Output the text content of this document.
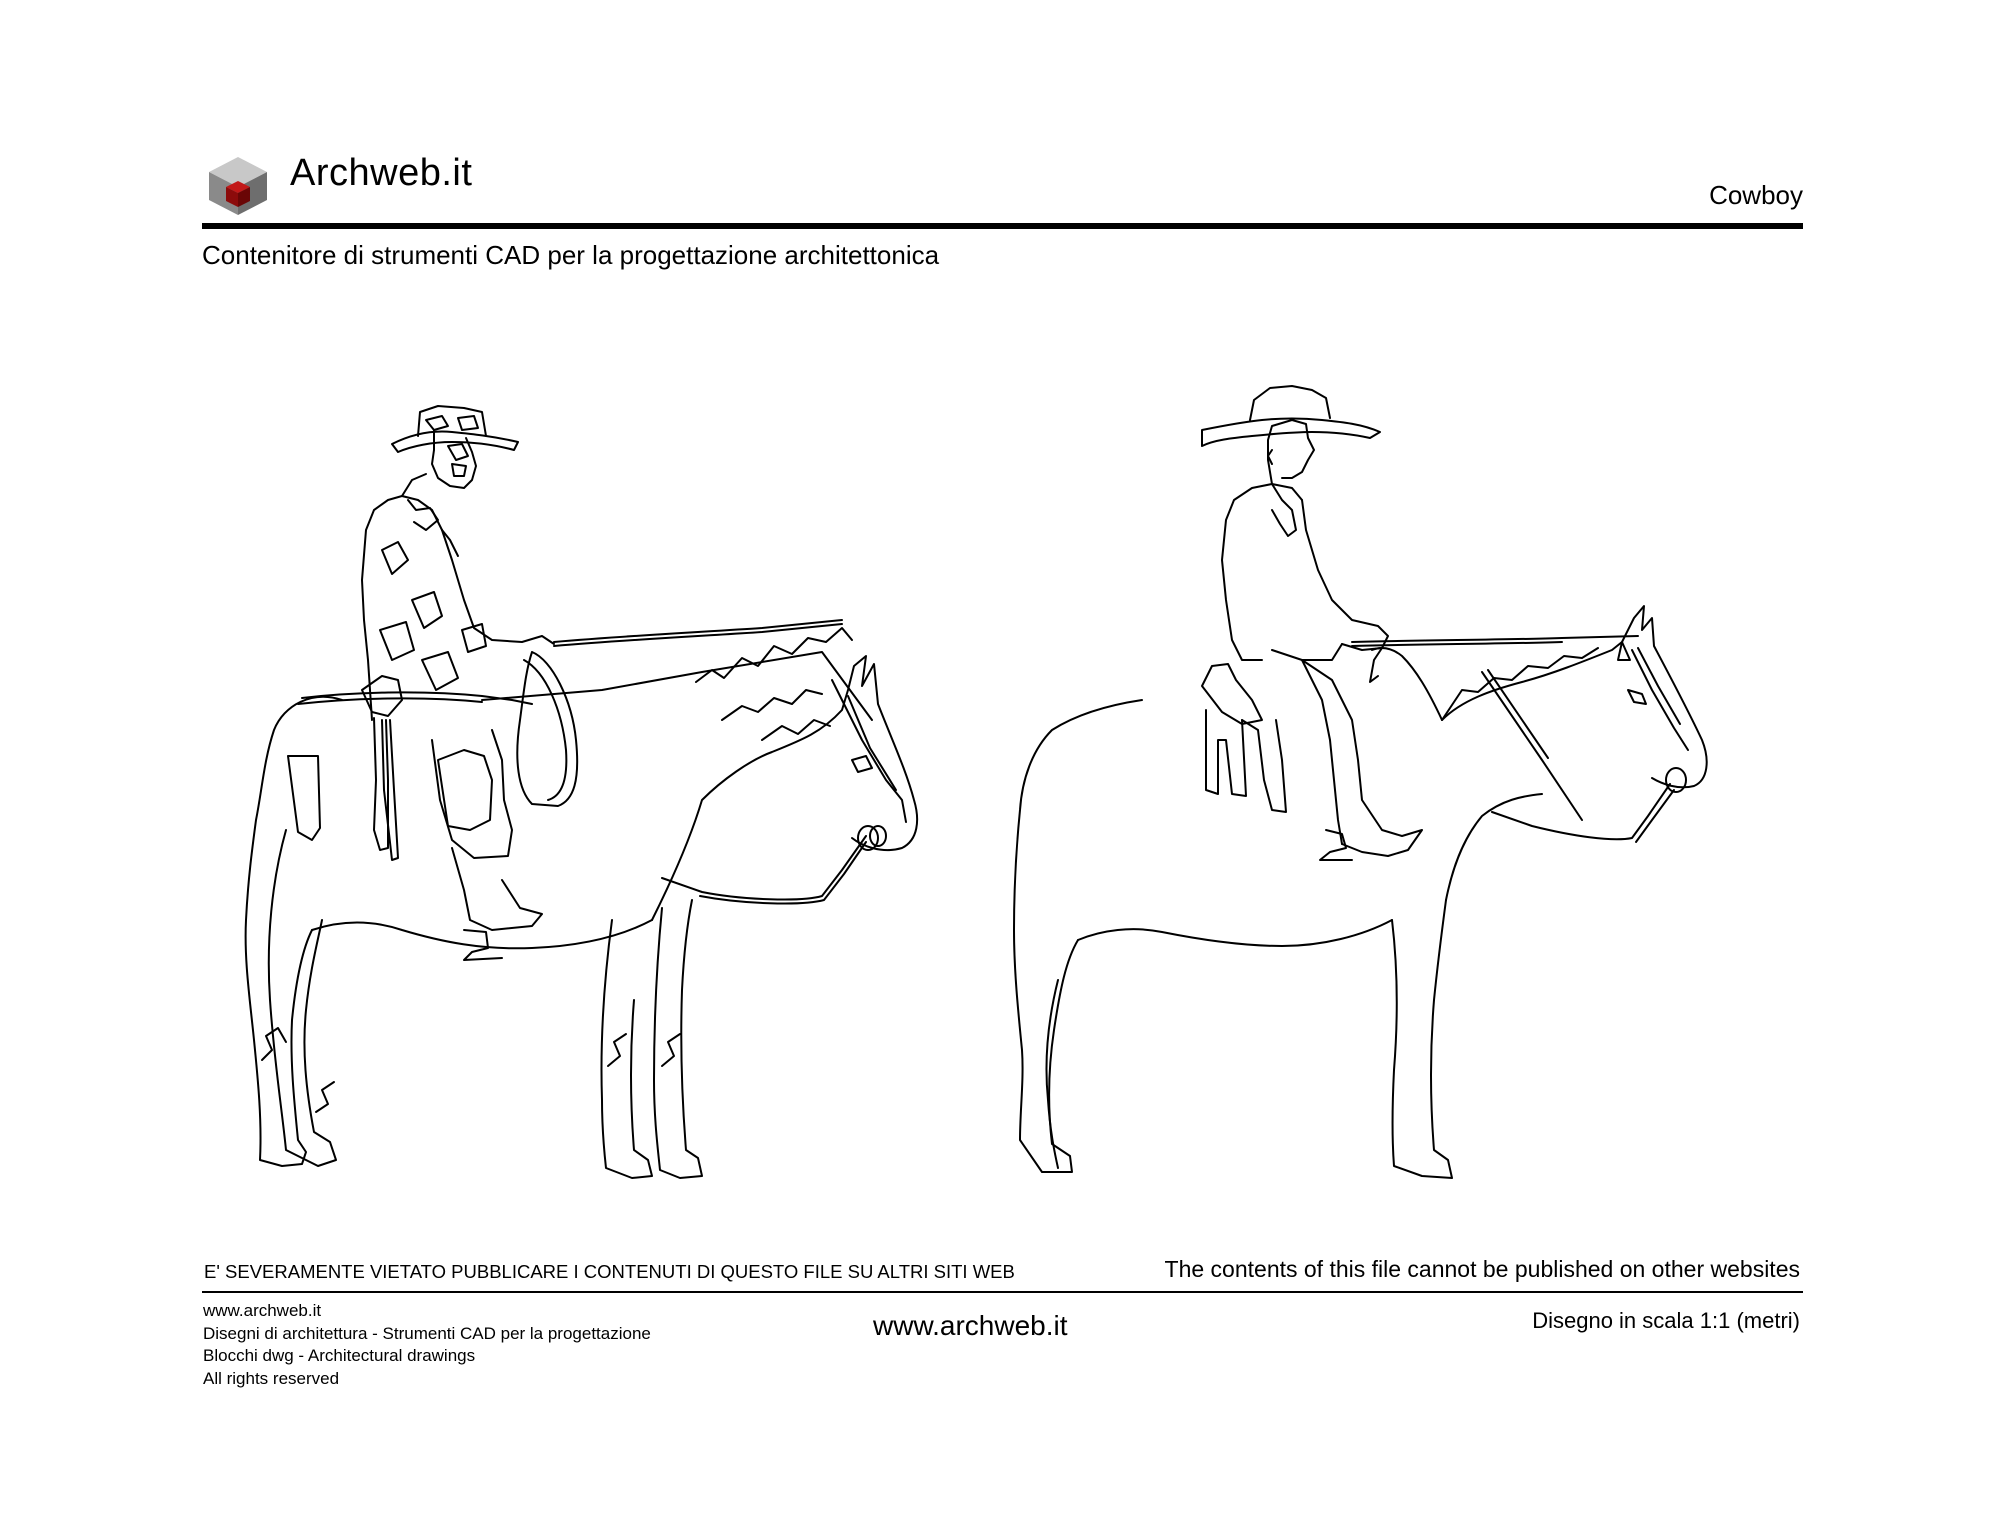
Archweb.it
Cowboy
Contenitore di strumenti CAD per la progettazione architettonica
E' SEVERAMENTE VIETATO PUBBLICARE I CONTENUTI DI QUESTO FILE SU ALTRI SITI WEB	The contents of this file cannot be published on other websites
www.archweb.it
Disegni di architettura - Strumenti CAD per la progettazione
Blocchi dwg - Architectural drawings
All rights reserved
www.archweb.it	Disegno in scala 1:1 (metri)
